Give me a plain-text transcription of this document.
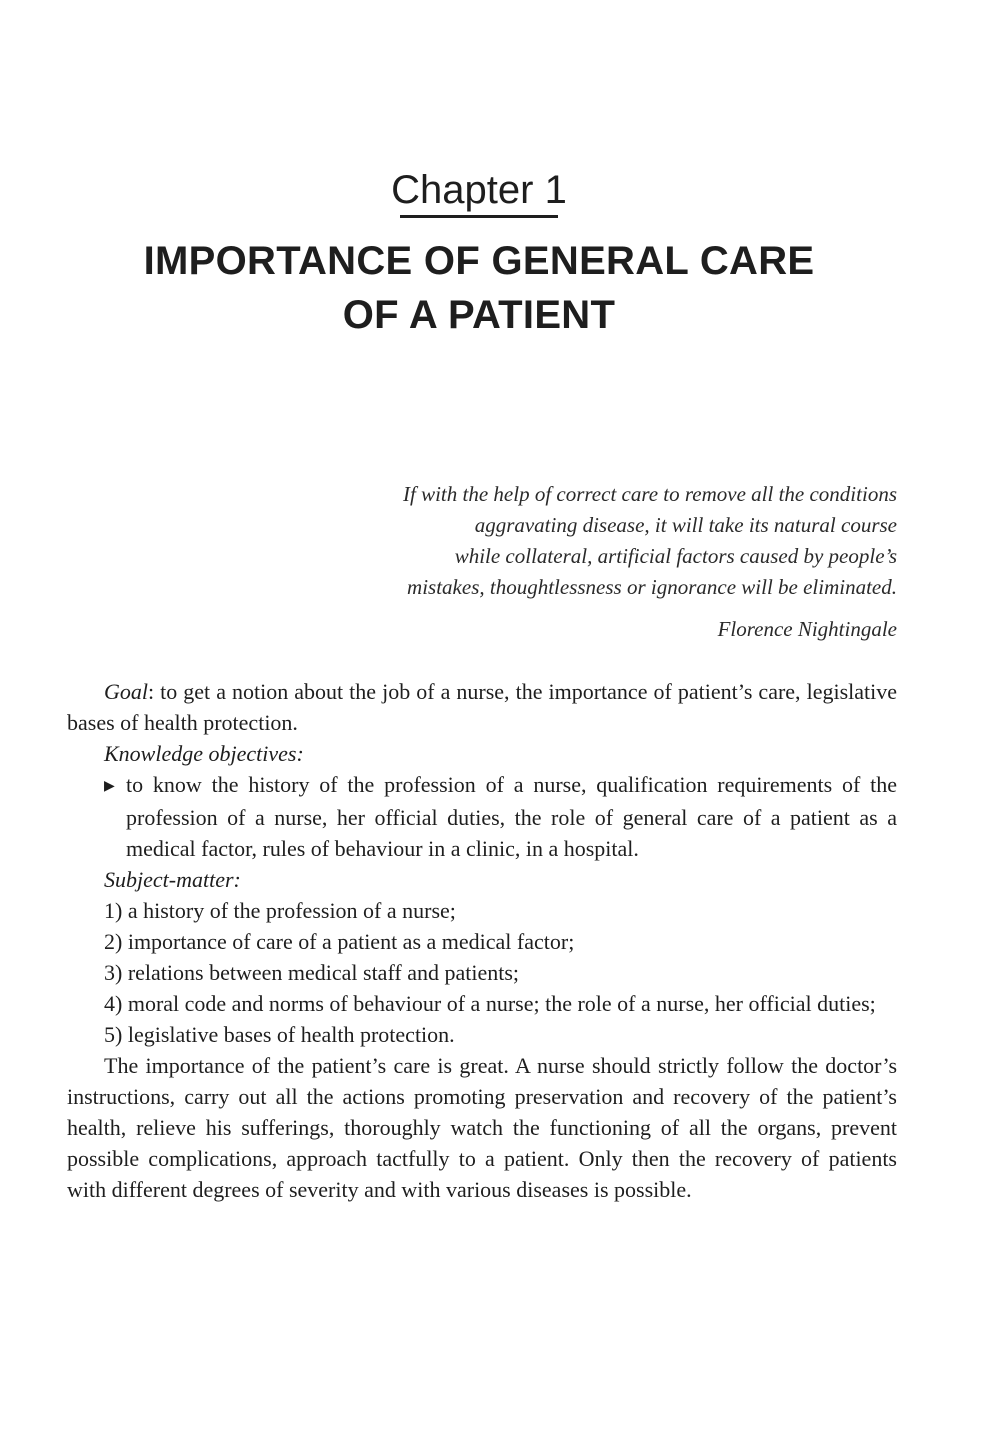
Chapter 1
IMPORTANCE OF GENERAL CARE
OF A PATIENT
If with the help of correct care to remove all the conditions
aggravating disease, it will take its natural course
while collateral, artificial factors caused by people’s
mistakes, thoughtlessness or ignorance will be eliminated.
Florence Nightingale

Goal: to get a notion about the job of a nurse, the importance of patient’s care, legislative bases of health protection.

Knowledge objectives:

▶ to know the history of the profession of a nurse, qualification requirements of the profession of a nurse, her official duties, the role of general care of a patient as a medical factor, rules of behaviour in a clinic, in a hospital.

Subject-matter:

1) a history of the profession of a nurse;
2) importance of care of a patient as a medical factor;
3) relations between medical staff and patients;
4) moral code and norms of behaviour of a nurse; the role of a nurse, her official duties;
5) legislative bases of health protection.

The importance of the patient’s care is great. A nurse should strictly follow the doctor’s instructions, carry out all the actions promoting preservation and recovery of the patient’s health, relieve his sufferings, thoroughly watch the functioning of all the organs, prevent possible complications, approach tactfully to a patient. Only then the recovery of patients with different degrees of severity and with various diseases is possible.
